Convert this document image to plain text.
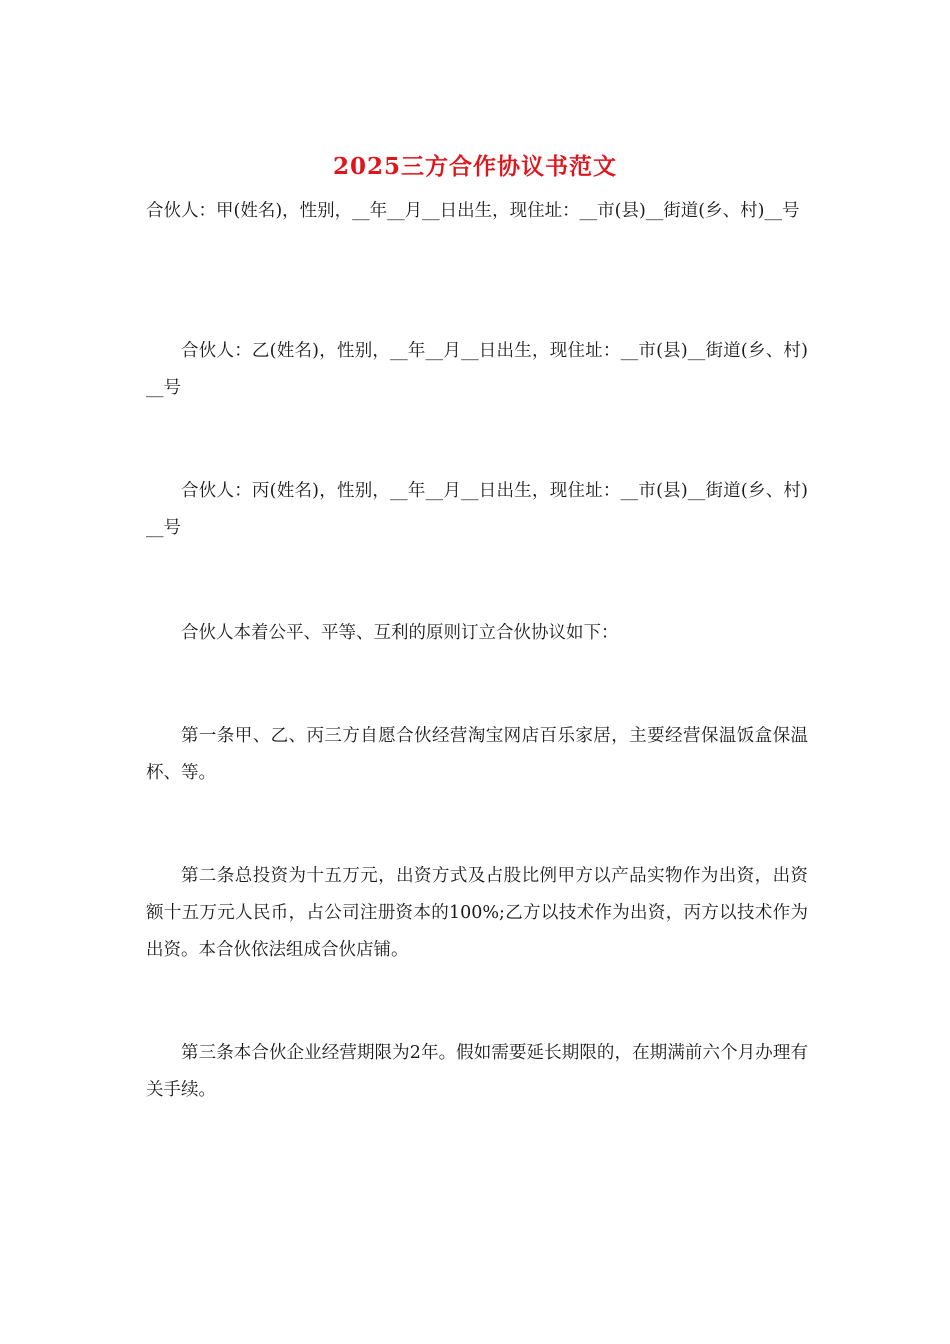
2025三方合作协议书范文
合伙人：甲(姓名)，性别，__年__月__日出生，现住址：__市(县)__街道(乡、村)__号
合伙人：乙(姓名)，性别，__年__月__日出生，现住址：__市(县)__街道(乡、村)__号
合伙人：丙(姓名)，性别，__年__月__日出生，现住址：__市(县)__街道(乡、村)__号
合伙人本着公平、平等、互利的原则订立合伙协议如下：
第一条甲、乙、丙三方自愿合伙经营淘宝网店百乐家居，主要经营保温饭盒保温杯、等。
第二条总投资为十五万元，出资方式及占股比例甲方以产品实物作为出资，出资额十五万元人民币，占公司注册资本的100%;乙方以技术作为出资，丙方以技术作为出资。本合伙依法组成合伙店铺。
第三条本合伙企业经营期限为2年。假如需要延长期限的，在期满前六个月办理有关手续。
